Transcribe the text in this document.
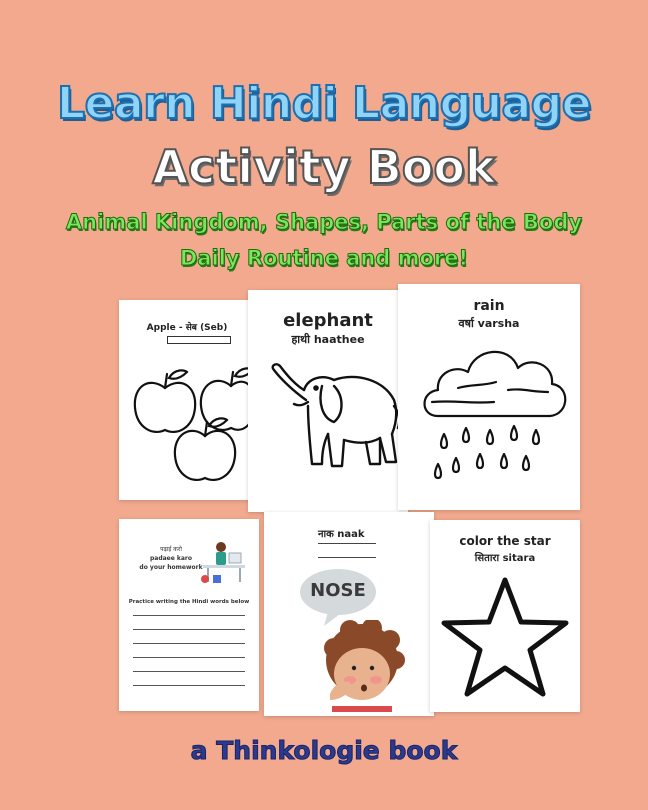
Learn Hindi Language
Activity Book
Animal Kingdom, Shapes, Parts of the Body
Daily Routine and more!
Apple - सेब (Seb)	elephant
हाथी haathee
rain
वर्षा varsha
पढ़ाई करो
padaee karo
do your homework
Practice writing the Hindi words below
नाक naak
NOSE
color the star
सितारा sitara
a Thinkologie book
